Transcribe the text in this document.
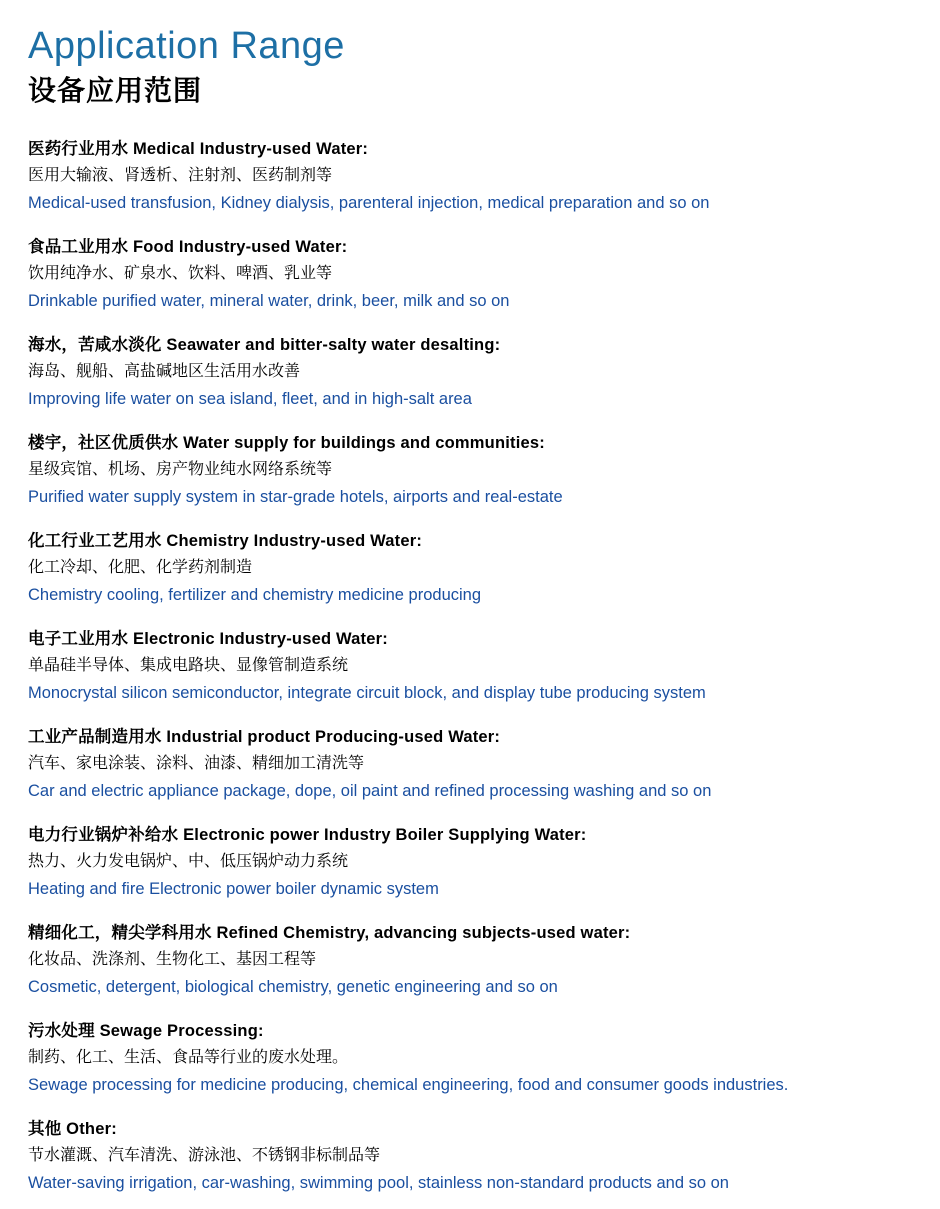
Application Range
设备应用范围
医药行业用水 Medical Industry-used Water:
医用大输液、肾透析、注射剂、医药制剂等
Medical-used transfusion, Kidney dialysis, parenteral injection, medical preparation and so on
食品工业用水 Food Industry-used Water:
饮用纯净水、矿泉水、饮料、啤酒、乳业等
Drinkable purified water, mineral water, drink, beer, milk and so on
海水，苦咸水淡化 Seawater and bitter-salty water desalting:
海岛、舰船、高盐碱地区生活用水改善
Improving life water on sea island, fleet, and in high-salt area
楼宇，社区优质供水 Water supply for buildings and communities:
星级宾馆、机场、房产物业纯水网络系统等
Purified water supply system in star-grade hotels, airports and real-estate
化工行业工艺用水 Chemistry Industry-used Water:
化工冷却、化肥、化学药剂制造
Chemistry cooling, fertilizer and chemistry medicine producing
电子工业用水 Electronic Industry-used Water:
单晶硅半导体、集成电路块、显像管制造系统
Monocrystal silicon semiconductor, integrate circuit block, and display tube producing system
工业产品制造用水 Industrial product Producing-used Water:
汽车、家电涂装、涂料、油漆、精细加工清洗等
Car and electric appliance package, dope, oil paint and refined processing washing and so on
电力行业锅炉补给水 Electronic power Industry Boiler Supplying Water:
热力、火力发电锅炉、中、低压锅炉动力系统
Heating and fire Electronic power boiler dynamic system
精细化工，精尖学科用水 Refined Chemistry, advancing subjects-used water:
化妆品、洗涤剂、生物化工、基因工程等
Cosmetic, detergent, biological chemistry, genetic engineering and so on
污水处理 Sewage Processing:
制药、化工、生活、食品等行业的废水处理。
Sewage processing for medicine producing, chemical engineering, food and consumer goods industries.
其他 Other:
节水灌溉、汽车清洗、游泳池、不锈钢非标制品等
Water-saving irrigation, car-washing, swimming pool, stainless non-standard products and so on
